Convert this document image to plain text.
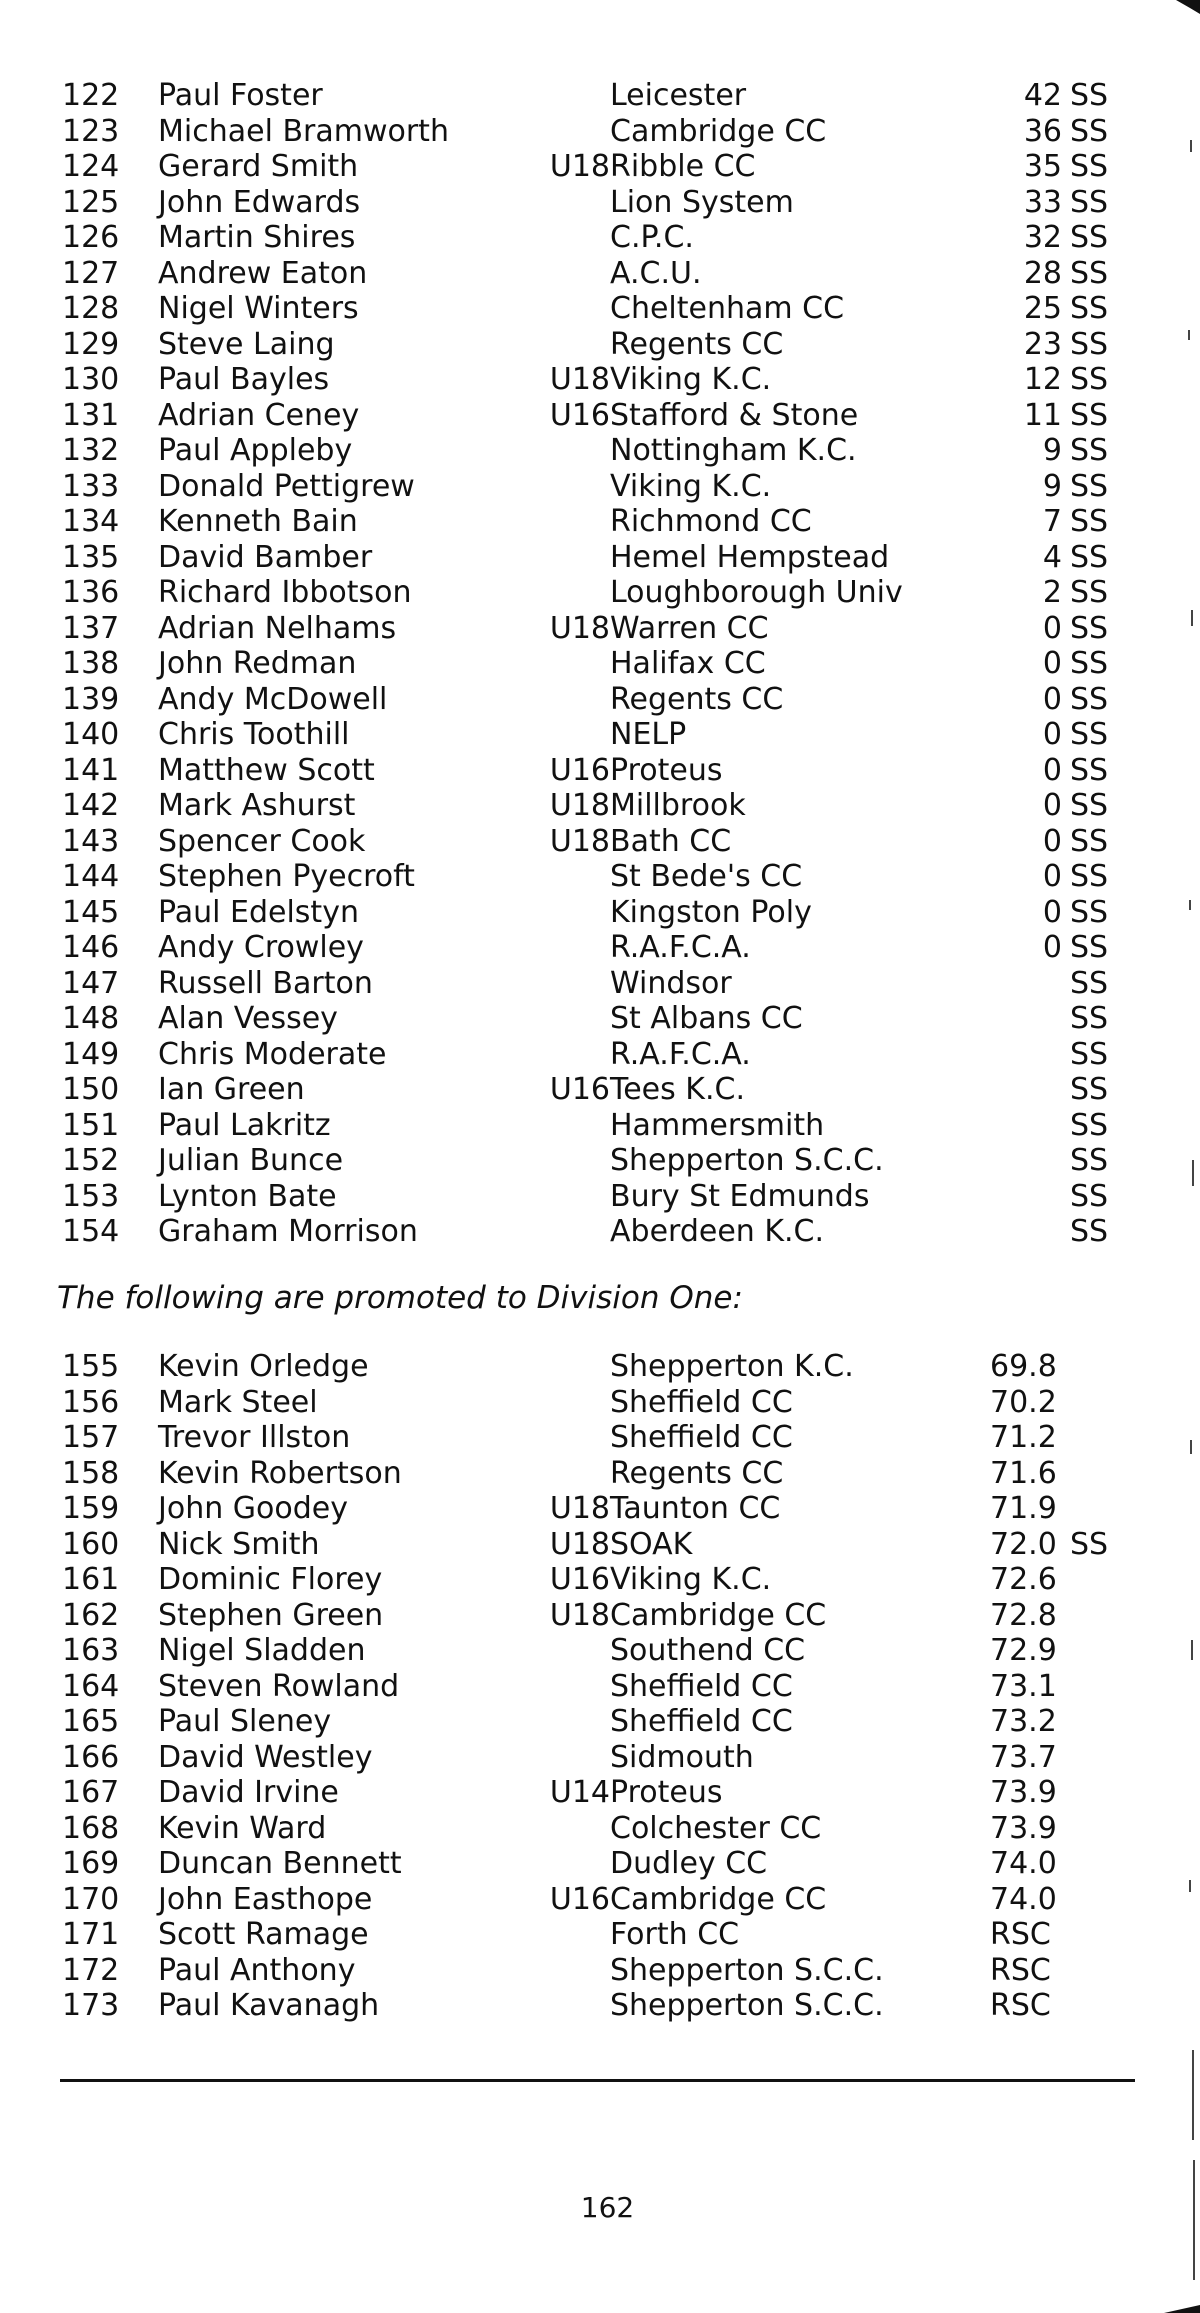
122	Paul Foster	Leicester	42 SS
123	Michael Bramworth	Cambridge CC	36 SS
124	Gerard Smith	U18 Ribble CC	35 SS
125	John Edwards	Lion System	33 SS
126	Martin Shires	C.P.C.	32 SS
127	Andrew Eaton	A.C.U.	28 SS
128	Nigel Winters	Cheltenham CC	25 SS
129	Steve Laing	Regents CC	23 SS
130	Paul Bayles	U18 Viking K.C.	12 SS
131	Adrian Ceney	U16 Stafford & Stone	11 SS
132	Paul Appleby	Nottingham K.C.	9 SS
133	Donald Pettigrew	Viking K.C.	9 SS
134	Kenneth Bain	Richmond CC	7 SS
135	David Bamber	Hemel Hempstead	4 SS
136	Richard Ibbotson	Loughborough Univ	2 SS
137	Adrian Nelhams	U18 Warren CC	0 SS
138	John Redman	Halifax CC	0 SS
139	Andy McDowell	Regents CC	0 SS
140	Chris Toothill	NELP	0 SS
141	Matthew Scott	U16 Proteus	0 SS
142	Mark Ashurst	U18 Millbrook	0 SS
143	Spencer Cook	U18 Bath CC	0 SS
144	Stephen Pyecroft	St Bede's CC	0 SS
145	Paul Edelstyn	Kingston Poly	0 SS
146	Andy Crowley	R.A.F.C.A.	0 SS
147	Russell Barton	Windsor	SS
148	Alan Vessey	St Albans CC	SS
149	Chris Moderate	R.A.F.C.A.	SS
150	Ian Green	U16 Tees K.C.	SS
151	Paul Lakritz	Hammersmith	SS
152	Julian Bunce	Shepperton S.C.C.	SS
153	Lynton Bate	Bury St Edmunds	SS
154	Graham Morrison	Aberdeen K.C.	SS
The following are promoted to Division One:
155	Kevin Orledge	Shepperton K.C.	69.8
156	Mark Steel	Sheffield CC	70.2
157	Trevor Illston	Sheffield CC	71.2
158	Kevin Robertson	Regents CC	71.6
159	John Goodey	U18 Taunton CC	71.9
160	Nick Smith	U18 SOAK	72.0 SS
161	Dominic Florey	U16 Viking K.C.	72.6
162	Stephen Green	U18 Cambridge CC	72.8
163	Nigel Sladden	Southend CC	72.9
164	Steven Rowland	Sheffield CC	73.1
165	Paul Sleney	Sheffield CC	73.2
166	David Westley	Sidmouth	73.7
167	David Irvine	U14 Proteus	73.9
168	Kevin Ward	Colchester CC	73.9
169	Duncan Bennett	Dudley CC	74.0
170	John Easthope	U16 Cambridge CC	74.0
171	Scott Ramage	Forth CC	RSC
172	Paul Anthony	Shepperton S.C.C.	RSC
173	Paul Kavanagh	Shepperton S.C.C.	RSC
162
